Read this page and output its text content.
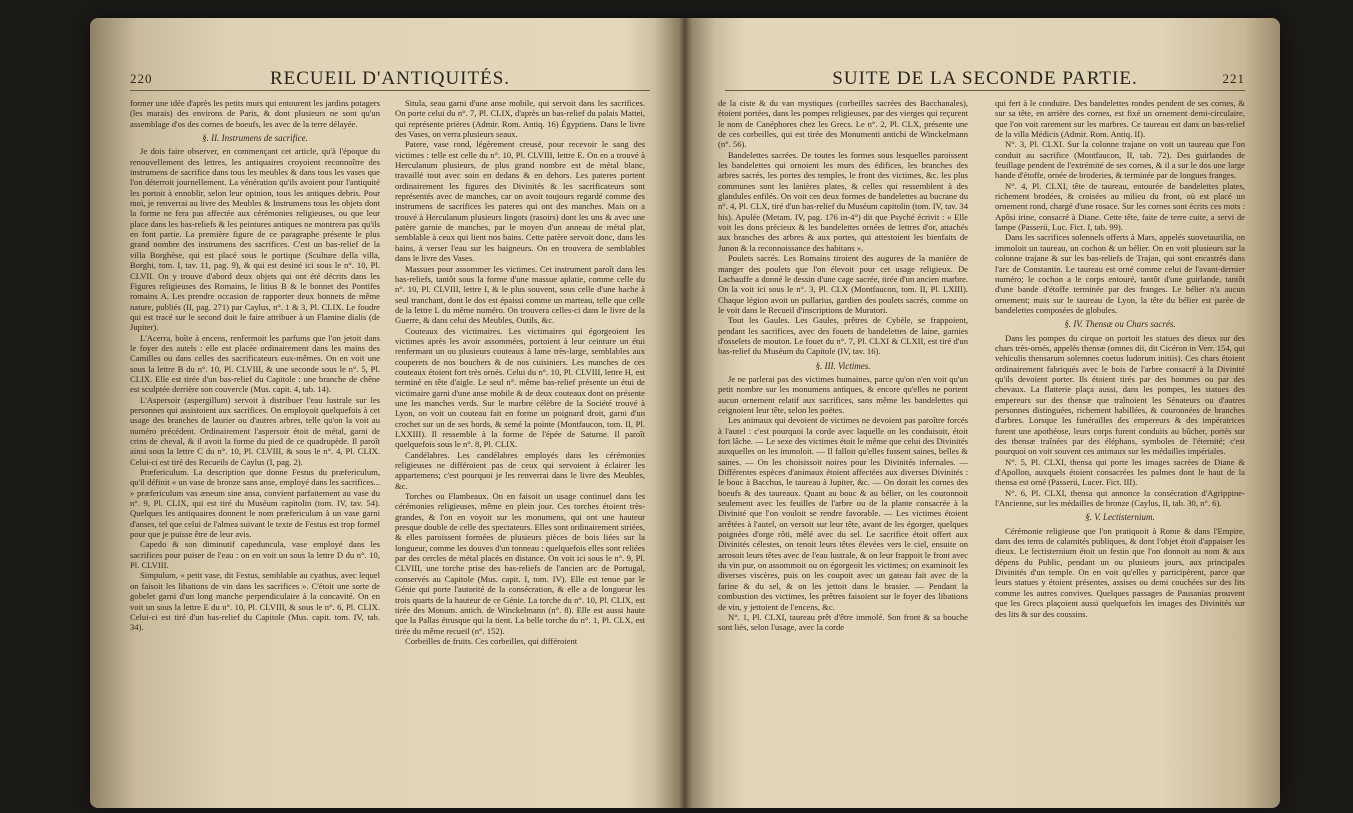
220	RECUEIL D'ANTIQUITÉS.

former une idée d'après les petits murs qui entourent les jardins potagers (les marais) des environs de Paris, & dont plusieurs ne sont qu'un assemblage d'os des cornes de boeufs, les avec de la terre délayée.

§. II. Instrumens de sacrifice.

Je dois faire observer, en commençant cet article, qu'à l'époque du renouvellement des lettres, les antiquaires croyoient reconnoître des instrumens de sacrifice dans tous les meubles & dans tous les vases que l'on déterroit journellement. La vénération qu'ils avoient pour l'antiquité les portoit à ennoblir, selon leur opinion, tous les antiques debris. Pour moi, je renverrai au livre des Meubles & Instrumens tous les objets dont la forme ne fera pas affectée aux cérémonies religieuses, ou que leur place dans les bas-reliefs & les peintures antiques ne montrera pas qu'ils en font partie. La première figure de ce paragraphe présente le plus grand nombre des instrumens des sacrifices. C'est un bas-relief de la villa Borghèse, qui est placé sous le portique (Sculture della villa, Borghi, tom. I, tav. 11, pag. 9), & qui est desiné ici sous le n°. 10, Pl. CLVII. On y trouve d'abord deux objets qui ont été décrits dans les Figures religieuses des Romains, le litius B & le bonnet des Pontifes romains A. Les prendre occasion de rapporter deux bonnets de même nature, publiés (II, pag. 271) par Caylus, n°. 1 & 3, Pl. CLIX. Le foudre qui est tracé sur le second doit le faire attribuer à un Flamine dialis (de Jupiter).

L'Acerra, boîte à encens, renfermoit les parfums que l'on jetoit dans le foyer des autels : elle est placée ordinairement dans les mains des Camilles ou dans celles des sacrificateurs eux-mêmes. On en voit une sous la lettre B du n°. 10, Pl. CLVIII, & une seconde sous le n°. 5, Pl. CLIX. Elle est tirée d'un bas-relief du Capitole : une branche de chêne est sculptée derrière son couvercle (Mus. capit. 4, tab. 14).

L'Aspersoir (aspergillum) servoit à distribuer l'eau lustrale sur les personnes qui assistoient aux sacrifices. On employoit quelquefois à cet usage des branches de laurier ou d'autres arbres, telle qu'on la voit au numéro précédent. Ordinairement l'aspersoir étoit de métal, garni de crins de cheval, & il avoit la forme du pied de ce quadrupède. Il paroît ainsi sous la lettre C du n°. 10, Pl. CLVIII, & sous le n°. 4, Pl. CLIX. Celui-ci est tiré des Recueils de Caylus (I, pag. 2).

Præfericulum. La description que donne Festus du præfericulum, qu'il définit « un vase de bronze sans anse, employé dans les sacrifices... » præfericulum vas æneum sine ansa, convient parfaitement au vase du n°. 9, Pl. CLIX, qui est tiré du Muséum capitolin (tom. IV, tav. 54). Quelques les antiquaires donnent le nom præfericulum à un vase garni d'anses, tel que celui de l'almea suivant le texte de Festus est trop formel pour que je puisse être de leur avis.

Capedo & son diminutif capeduncula, vase employé dans les sacrifices pour puiser de l'eau : on en voit un sous la lettre D du n°. 10, Pl. CLVIII.

Simpulum, « petit vase, dit Festus, semblable au cyathus, avec lequel on faisoit les libations de vin dans les sacrifices ». C'étoit une sorte de gobelet garni d'un long manche perpendiculaire à la concavité. On en voit un sous la lettre E du n°. 10, Pl. CLVIII, & sous le n°. 6, Pl. CLIX. Celui-ci est tiré d'un bas-relief du Capitole (Mus. capit. tom. IV, tab. 34).

Situla, seau garni d'une anse mobile, qui servoit dans les sacrifices. On porte celui du n°. 7, Pl. CLIX, d'après un bas-relief du palais Mattei, qui représente prières (Admir. Rom. Antiq. 16) Égyptiens. Dans le livre des Vases, on verra plusieurs seaux.

Patere, vase rond, légèrement creusé, pour recevoir le sang des victimes : telle est celle du n°. 10, Pl. CLVIII, lettre E. On en a trouvé à Herculanum plusieurs, de plus grand nombre est de métal blanc, travaillé tout avec soin en dedans & en dehors. Les pateres portent ordinairement les figures des Divinités & les sacrificateurs sont représentés avec de manches, car on avoit toujours regardé comme des instrumens de sacrifices les pateres qui ont des manches. Mais on a trouvé à Herculanum plusieurs lingots (rasoirs) dont les uns & avec une patère garnie de manches, par le moyen d'un anneau de métal plat, semblable à ceux qui lient nos bains. Cette patère servoit donc, dans les bains, à verser l'eau sur les baigneurs. On en trouvera de semblables dans le livre des Vases.

Massues pour assommer les victimes. Cet instrument paroît dans les bas-reliefs, tantôt sous la forme d'une massue aplatie, comme celle du n°. 10, Pl. CLVIII, lettre I, & le plus souvent, sous celle d'une hache à seul tranchant, dont le dos est épaissi comme un marteau, telle que celle de la lettre L du même numéro. On trouvera celles-ci dans le livre de la Guerre, & dans celui des Meubles, Outils, &c.

Couteaux des victimaires. Les victimaires qui égorgeoient les victimes après les avoir assommées, portoient à leur ceinture un étui renfermant un ou plusieurs couteaux à lame très-large, semblables aux couperets de nos bouchers & de nos cuisiniers. Les manches de ces couteaux étoient fort très ornés. Celui du n°. 10, Pl. CLVIII, lettre H, est terminé en tête d'aigle. Le seul n°. même bas-relief présente un étui de victimaire garni d'une anse mobile & de deux couteaux dont on présente une les manches verds. Sur le marbre célèbre de la Société trouvé à Lyon, on voit un couteau fait en forme un poignard droit, garni d'un crochet sur un de ses bords, & semé la pointe (Montfaucon, tom. II, Pl. LXXIII). Il ressemble à la forme de l'épée de Saturne. Il paroît quelquefois sous le n°. 8, Pl. CLIX.

Candélabres. Les candélabres employés dans les cérémonies religieuses ne différoient pas de ceux qui servoient à éclairer les appartemens; c'est pourquoi je les renverrai dans le livre des Meubles, &c.

Torches ou Flambeaux. On en faisoit un usage continuel dans les cérémonies religieuses, même en plein jour. Ces torches étoient très-grandes, & l'on en voyoit sur les monumens, qui ont une hauteur presque double de celle des spectateurs. Elles sont ordinairement striées, & elles paroissent formées de plusieurs pièces de bois liées sur la longueur, comme les douves d'un tonneau : quelquefois elles sont reliées par des cercles de métal placés en distance. On voit ici sous le n°. 9, Pl. CLVIII, une torche prise des bas-reliefs de l'ancien arc de Portugal, conservés au Capitole (Mus. capit. I, tom. IV). Elle est tenue par le Génie qui porte l'autorité de la consécration, & elle a de longueur les trois quarts de la hauteur de ce Génie. La torche du n°. 10, Pl. CLIX, est tirée des Monum. antich. de Winckelmann (n°. 8). Elle est aussi haute que la Pallas étrusque qui la tient. La belle torche du n°. 1, Pl. CLX, est tirée du même recueil (n°. 152).

Corbeilles de fruits. Ces corbeilles, qui différoient

SUITE DE LA SECONDE PARTIE.	221

de la ciste & du van mystiques (corbeilles sacrées des Bacchanales), étoient portées, dans les pompes religieuses, par des vierges qui reçurent le nom de Canéphores chez les Grecs. Le n°. 2, Pl. CLX, présente une de ces corbeilles, qui est tirée des Monumenti antichi de Winckelmann (n°. 56).

Bandelettes sacrées. De toutes les formes sous lesquelles paroissent les bandelettes qui ornoient les murs des édifices, les branches des arbres sacrés, les portes des temples, le front des victimes, &c. les plus communes sont les lanières plates, & celles qui ressemblent à des glandules enfilés. On voit ces deux formes de bandelettes au bucrane du n°. 4, Pl. CLX, tiré d'un bas-relief du Muséum capitolin (tom. IV, tav. 34 bis). Apulée (Metam. IV, pag. 176 in-4°) dit que Psyché écrivit : « Elle voit les dons précieux & les bandelettes ornées de lettres d'or, attachés aux branches des arbres & aux portes, qui attestoient les bienfaits de Junon & la reconnoissance des habitans ».

Poulets sacrés. Les Romains tiroient des augures de la manière de manger des poulets que l'on élevoit pour cet usage religieux. De Lachauffe a donné le dessin d'une cage sacrée, tirée d'un ancien marbre. On la voit ici sous le n°. 3, Pl. CLX (Montfaucon, tom. II, Pl. LXIII). Chaque légion avoit un pullarius, gardien des poulets sacrés, comme on le voit dans le Recueil d'inscriptions de Muratori.

Tout les Gaules. Les Gaules, prêtres de Cybèle, se frappoient, pendant les sacrifices, avec des fouets de bandelettes de laine, garnies d'osselets de mouton. Le fouet du n°. 7, Pl. CLXI & CLXII, est tiré d'un bas-relief du Muséum du Capitole (IV, tav. 16).

§. III. Victimes.

Je ne parlerai pas des victimes humaines, parce qu'on n'en voit qu'un petit nombre sur les monumens antiques, & encore qu'elles ne portent aucun ornement relatif aux sacrifices, sans même les bandelettes qui ceignoient leur tête, selon les poëtes.

Les animaux qui devoient de victimes ne devoient pas paroître forcés à l'autel : c'est pourquoi la corde avec laquelle on les conduisoit, étoit fort lâche. — Le sexe des victimes étoit le même que celui des Divinités auxquelles on les immoloit. — Il falloit qu'elles fussent saines, belles & saines. — On les choisissoit noires pour les Divinités infernales. — Différentes espèces d'animaux étoient affectées aux diverses Divinités : le bouc à Bacchus, le taureau à Jupiter, &c. — On dorait les cornes des boeufs & des taureaux. Quant au bouc & au bélier, on les couronnoit seulement avec les feuilles de l'arbre ou de la plante consacrée à la Divinité que l'on vouloit se rendre favorable. — Les victimes étoient arrêtées à l'autel, on versoit sur leur tête, avant de les égorger, quelques poignées d'orge rôti, mêlé avec du sel. Le sacrifice étoit offert aux Divinités célestes, on tenoit leurs têtes élevées vers le ciel, ensuite on arrosoit leurs têtes avec de l'eau lustrale, & on leur frappoit le front avec du vin pur, on assommoit ou on égorgeoit les victimes; on examinoit les diverses viscères, puis on les coupoit avec un gateau fait avec de la farine & du sel, & on les jettoit dans le brasier. — Pendant la combustion des victimes, les prêtres faisoient sur le foyer des libations de vin, y jettoient de l'encens, &c.

N°. 1, Pl. CLXI, taureau prêt d'être immolé. Son front & sa bouche sont liés, selon l'usage, avec la corde

qui fert à le conduire. Des bandelettes rondes pendent de ses cornes, & sur sa tête, en arrière des cornes, est fixé un ornement demi-circulaire, que l'on voit rarement sur les marbres. Ce taureau est dans un bas-relief de la villa Médicis (Admir. Rom. Antiq. II).

N°. 3, Pl. CLXI. Sur la colonne trajane on voit un taureau que l'on conduit au sacrifice (Montfaucon, II, tab. 72). Des guirlandes de feuillage pendent de l'extrémité de ses cornes, & il a sur le dos une large bande d'étoffe, ornée de broderies, & terminée par de longues franges.

N°. 4, Pl. CLXI, tête de taureau, entourée de bandelettes plates, richement brodées, & croisées au milieu du front, où est placé un ornement rond, chargé d'une rosace. Sur les cornes sont écrits ces mots : Apôsi irine, consacré à Diane. Cette tête, faite de terre cuite, a servi de lampe (Passerii, Luc. Fict. I, tab. 99).

Dans les sacrifices solennels offerts à Mars, appelés suovetaurilia, on immoloit un taureau, un cochon & un bélier. On en voit plusieurs sur la colonne trajane & sur les bas-reliefs de Trajan, qui sont encastrés dans l'arc de Constantin. Le taureau est orné comme celui de l'avant-dernier numéro; le cochon a le corps entouré, tantôt d'une guirlande, tantôt d'une bande d'étoffe terminée par des franges. Le bélier n'a aucun ornement; mais sur le taureau de Lyon, la tête du bélier est parée de bandelettes composées de globules.

§. IV. Thensæ ou Chars sacrés.

Dans les pompes du cirque on portoit les statues des dieux sur des chars très-ornés, appelés thensæ (omnes dii, dit Cicéron in Verr. 154, qui vehiculis thensarum solemnes coetus ludorum initiis). Ces chars étoient ordinairement fabriqués avec le bois de l'arbre consacré à la Divinité qu'ils devoient porter. Ils étoient tirés par des hommes ou par des chevaux. La flatterie plaça aussi, dans les pompes, les statues des empereurs sur des thensæ que traînoient les Sénateurs ou d'autres personnes distinguées, richement habillées, & couronnées de branches d'arbres. Lorsque les funérailles des empereurs & des impératrices furent une apothéose, leurs corps furent conduits au bûcher, portés sur des thensæ traînées par des éléphans, symboles de l'éternité; c'est pourquoi on voit souvent ces animaux sur les médailles impériales.

N°. 5, Pl. CLXI, thensa qui porte les images sacrées de Diane & d'Apollon, auxquels étoient consacrées les palmes dont le haut de la thensa est orné (Passerii, Lucer. Fict. III).

N°. 6, Pl. CLXI, thensa qui annonce la consécration d'Agrippine-l'Ancienne, sur les médailles de bronze (Caylus, II, tab. 30, n°. 6).

§. V. Lectisternium.

Cérémonie religieuse que l'on pratiquoit à Rome & dans l'Empire, dans des tems de calamités publiques, & dont l'objet étoit d'appaiser les dieux. Le lectisternium étoit un festin que l'on donnoit au nom & aux dépens du Public, pendant un ou plusieurs jours, aux principales Divinités d'un temple. On en voit qu'elles y participèrent, parce que leurs statues y étoient présentes, assises ou demi couchées sur des lits comme les autres convives. Quelques passages de Pausanias prouvent que les Grecs plaçoient aussi quelquefois les images des Divinités sur des lits & sur des coussins.
